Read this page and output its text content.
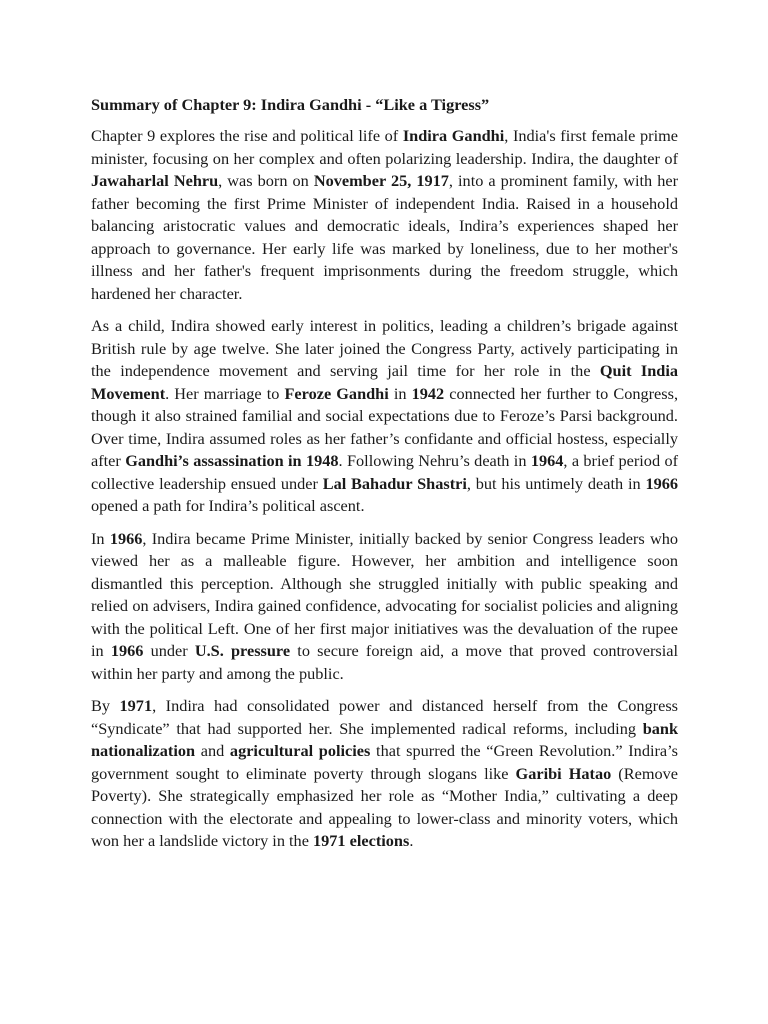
Summary of Chapter 9: Indira Gandhi - “Like a Tigress”

Chapter 9 explores the rise and political life of Indira Gandhi, India's first female prime minister, focusing on her complex and often polarizing leadership. Indira, the daughter of Jawaharlal Nehru, was born on November 25, 1917, into a prominent family, with her father becoming the first Prime Minister of independent India. Raised in a household balancing aristocratic values and democratic ideals, Indira’s experiences shaped her approach to governance. Her early life was marked by loneliness, due to her mother's illness and her father's frequent imprisonments during the freedom struggle, which hardened her character.

As a child, Indira showed early interest in politics, leading a children’s brigade against British rule by age twelve. She later joined the Congress Party, actively participating in the independence movement and serving jail time for her role in the Quit India Movement. Her marriage to Feroze Gandhi in 1942 connected her further to Congress, though it also strained familial and social expectations due to Feroze’s Parsi background. Over time, Indira assumed roles as her father’s confidante and official hostess, especially after Gandhi’s assassination in 1948. Following Nehru’s death in 1964, a brief period of collective leadership ensued under Lal Bahadur Shastri, but his untimely death in 1966 opened a path for Indira’s political ascent.

In 1966, Indira became Prime Minister, initially backed by senior Congress leaders who viewed her as a malleable figure. However, her ambition and intelligence soon dismantled this perception. Although she struggled initially with public speaking and relied on advisers, Indira gained confidence, advocating for socialist policies and aligning with the political Left. One of her first major initiatives was the devaluation of the rupee in 1966 under U.S. pressure to secure foreign aid, a move that proved controversial within her party and among the public.

By 1971, Indira had consolidated power and distanced herself from the Congress “Syndicate” that had supported her. She implemented radical reforms, including bank nationalization and agricultural policies that spurred the “Green Revolution.” Indira’s government sought to eliminate poverty through slogans like Garibi Hatao (Remove Poverty). She strategically emphasized her role as “Mother India,” cultivating a deep connection with the electorate and appealing to lower-class and minority voters, which won her a landslide victory in the 1971 elections.
